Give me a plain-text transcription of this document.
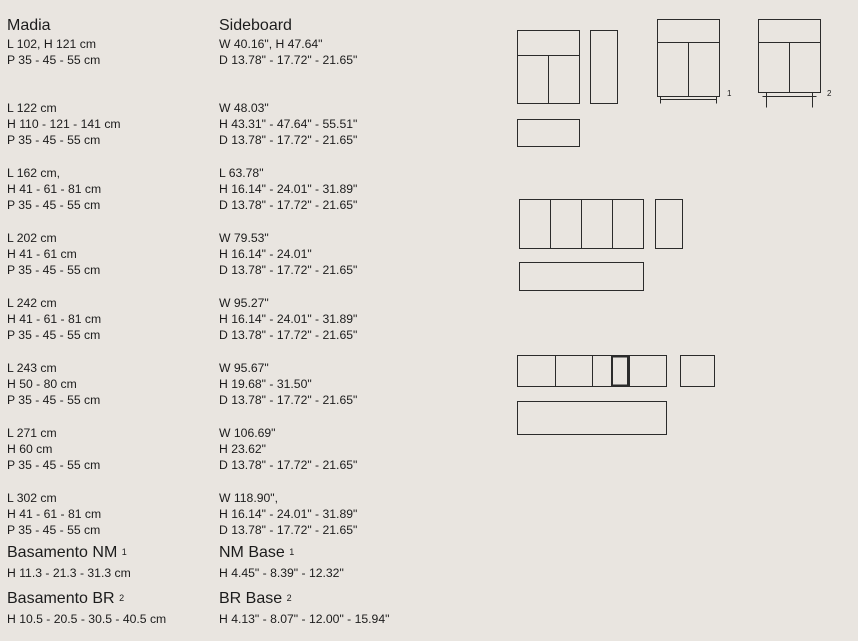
Madia
L 102, H 121 cm
P 35 - 45 - 55 cm
L 122 cm
H 110 - 121 - 141 cm
P 35 - 45 - 55 cm
L 162 cm,
H 41 - 61 - 81 cm
P 35 - 45 - 55 cm
L 202 cm
H 41 - 61 cm
P 35 - 45 - 55 cm
L 242 cm
H 41 - 61 - 81 cm
P 35 - 45 - 55 cm
L 243 cm
H 50 - 80 cm
P 35 - 45 - 55 cm
L 271 cm
H 60 cm
P 35 - 45 - 55 cm
L 302 cm
H 41 - 61 - 81 cm
P 35 - 45 - 55 cm
Sideboard
W 40.16", H 47.64"
D 13.78" - 17.72" - 21.65"
W 48.03"
H 43.31" - 47.64" - 55.51"
D 13.78" - 17.72" - 21.65"
L 63.78"
H 16.14" - 24.01" - 31.89"
D 13.78" - 17.72" - 21.65"
W 79.53"
H 16.14" - 24.01"
D 13.78" - 17.72" - 21.65"
W 95.27"
H 16.14" - 24.01" - 31.89"
D 13.78" - 17.72" - 21.65"
W 95.67"
H 19.68" - 31.50"
D 13.78" - 17.72" - 21.65"
W 106.69"
H 23.62"
D 13.78" - 17.72" - 21.65"
W 118.90",
H 16.14" - 24.01" - 31.89"
D 13.78" - 17.72" - 21.65"
Basamento NM $^1$
H 11.3 - 21.3 - 31.3 cm
Basamento BR $^2$
H 10.5 - 20.5 - 30.5 - 40.5 cm
NM Base $^1$
H 4.45" - 8.39" - 12.32"
BR Base $^2$
H 4.13" - 8.07" - 12.00" - 15.94"
1	2
